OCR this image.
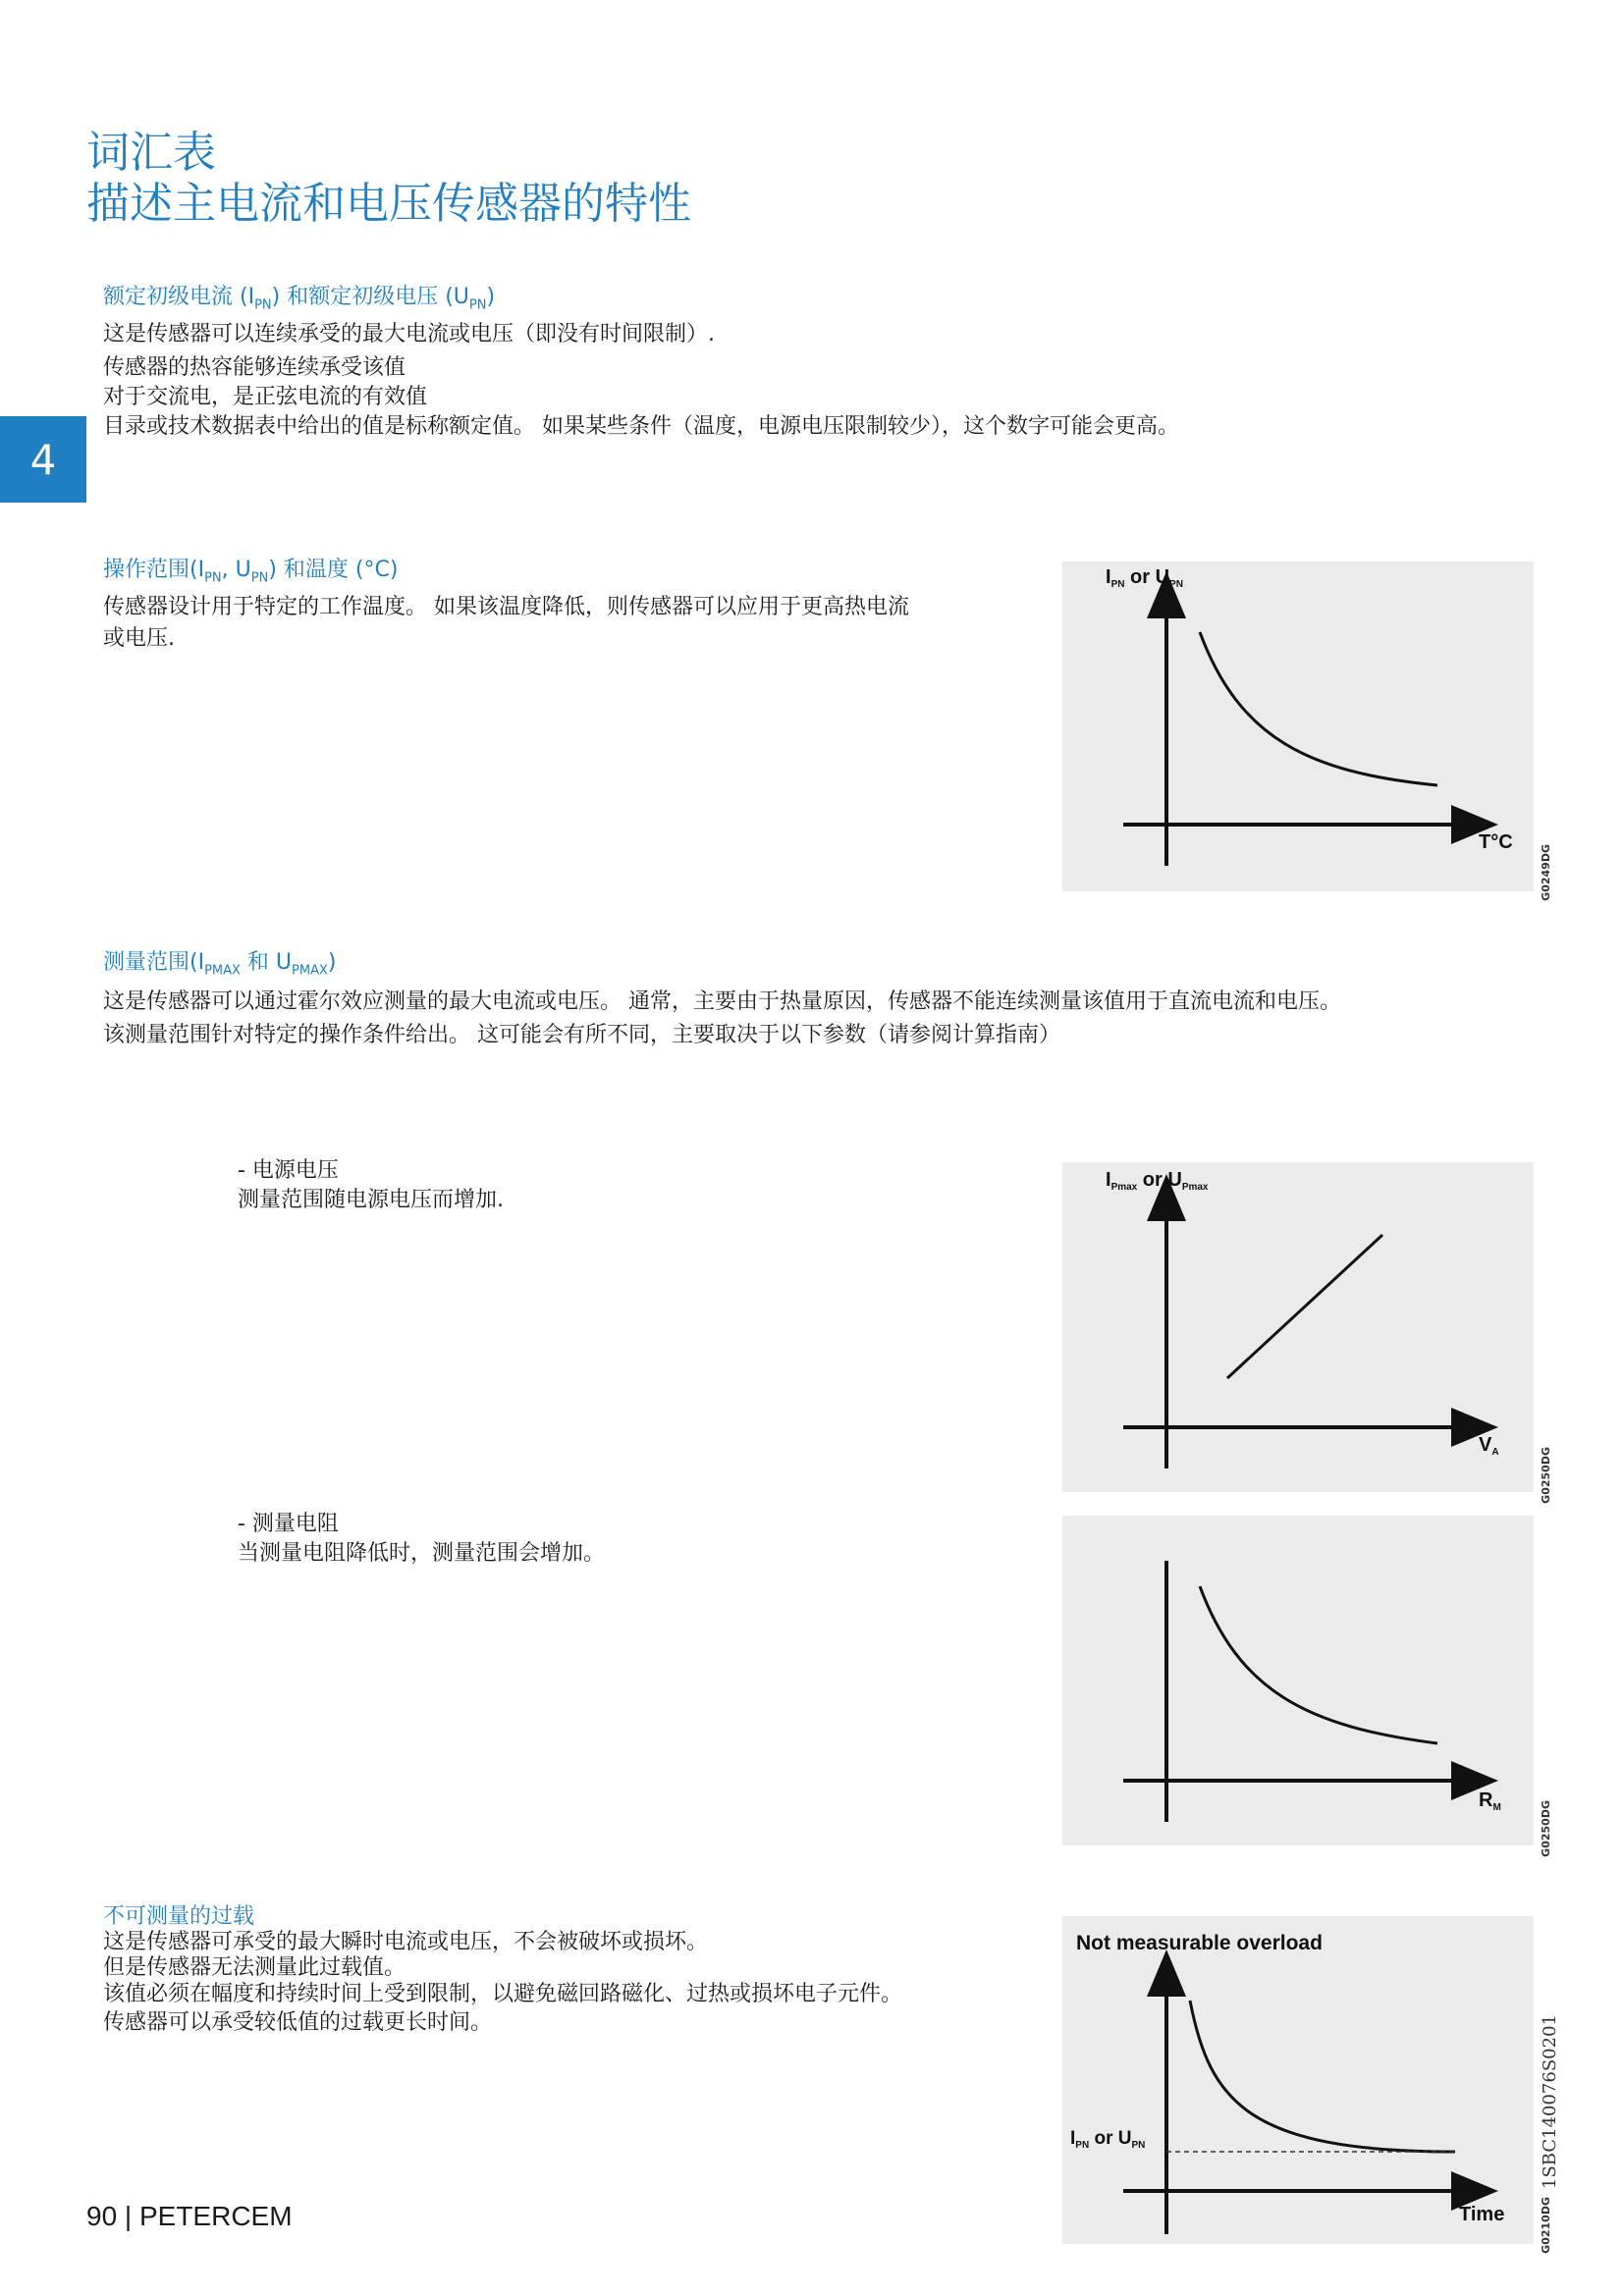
词汇表
描述主电流和电压传感器的特性
4
额定初级电流 $(I_{PN})$ 和额定初级电压 $(U_{PN})$
这是传感器可以连续承受的最大电流或电压（即没有时间限制）.
传感器的热容能够连续承受该值
对于交流电，是正弦电流的有效值
目录或技术数据表中给出的值是标称额定值。 如果某些条件（温度，电源电压限制较少），这个数字可能会更高。
操作范围($I_{PN}$, $U_{PN}$) 和温度 (°C)
传感器设计用于特定的工作温度。 如果该温度降低，则传感器可以应用于更高热电流
或电压.
$I_{PN}$ or $U_{PN}$
T°C
G0249DG
测量范围($I_{PMAX}$ 和 $U_{PMAX}$)
这是传感器可以通过霍尔效应测量的最大电流或电压。 通常，主要由于热量原因，传感器不能连续测量该值用于直流电流和电压。
该测量范围针对特定的操作条件给出。 这可能会有所不同，主要取决于以下参数（请参阅计算指南）
- 电源电压
测量范围随电源电压而增加.
$I_{Pmax}$ or $U_{Pmax}$
$V_A$	G0250DG
- 测量电阻
当测量电阻降低时，测量范围会增加。
$R_M$	G0250DG
不可测量的过载
这是传感器可承受的最大瞬时电流或电压，不会被破坏或损坏。
但是传感器无法测量此过载值。
该值必须在幅度和持续时间上受到限制，以避免磁回路磁化、过热或损坏电子元件。
传感器可以承受较低值的过载更长时间。
Not measurable overload
$I_{PN}$ or $U_{PN}$
Time	G0210DG
1SBC140076S0201
90 | PETERCEM
